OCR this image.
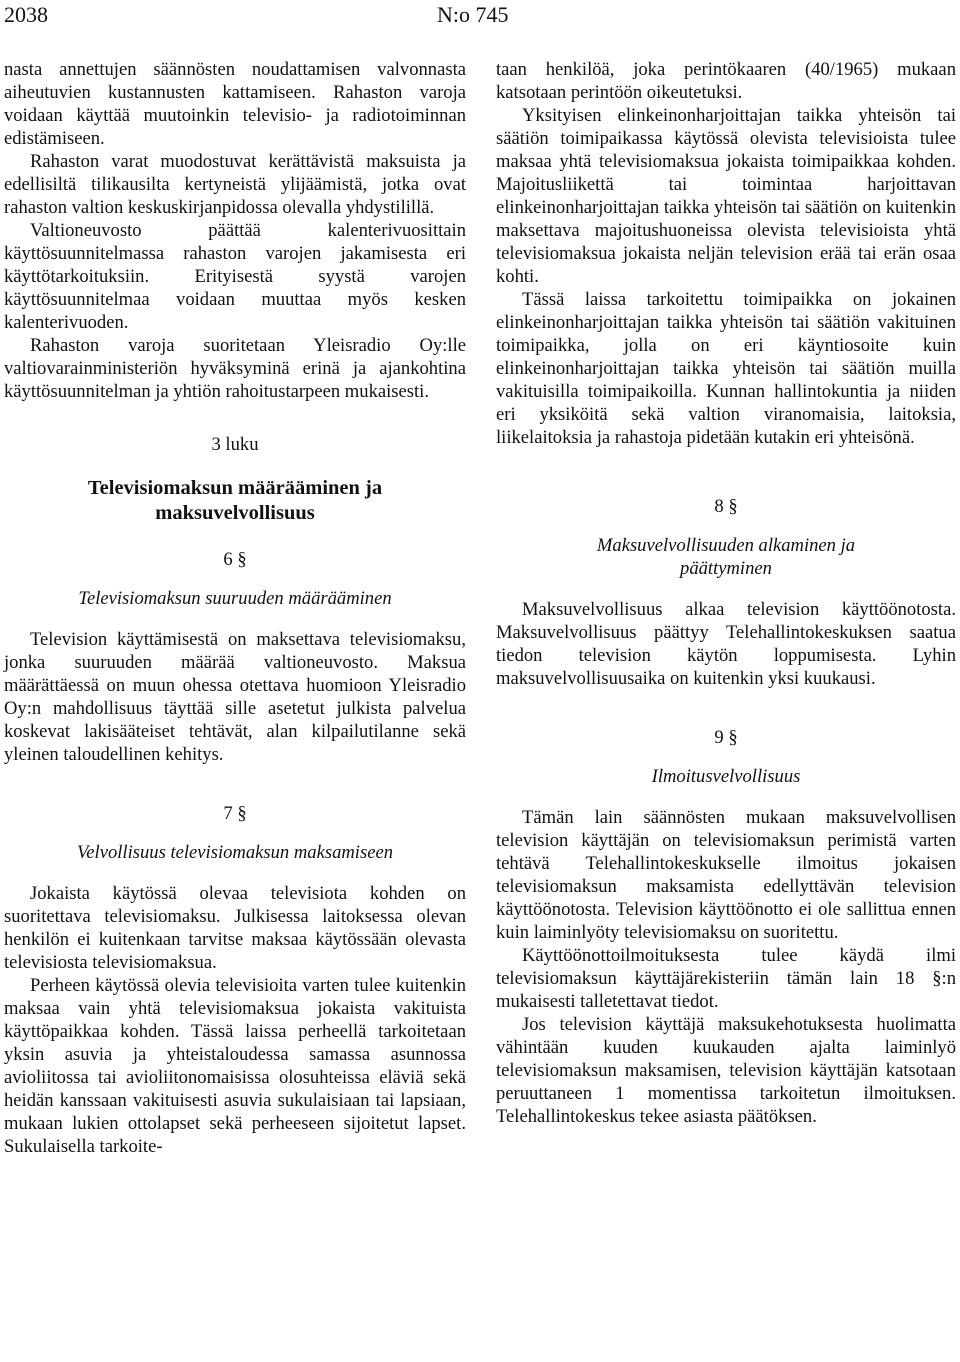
2038	N:o 745

nasta annettujen säännösten noudattamisen valvonnasta aiheutuvien kustannusten kattamiseen. Rahaston varoja voidaan käyttää muutoinkin televisio- ja radiotoiminnan edistämiseen.

Rahaston varat muodostuvat kerättävistä maksuista ja edellisiltä tilikausilta kertyneistä ylijäämistä, jotka ovat rahaston valtion keskuskirjanpidossa olevalla yhdystilillä.

Valtioneuvosto päättää kalenterivuosittain käyttösuunnitelmassa rahaston varojen jakamisesta eri käyttötarkoituksiin. Erityisestä syystä varojen käyttösuunnitelmaa voidaan muuttaa myös kesken kalenterivuoden.

Rahaston varoja suoritetaan Yleisradio Oy:lle valtiovarainministeriön hyväksyminä erinä ja ajankohtina käyttösuunnitelman ja yhtiön rahoitustarpeen mukaisesti.

3 luku

Televisiomaksun määrääminen ja
maksuvelvollisuus

6 §

Televisiomaksun suuruuden määrääminen

Television käyttämisestä on maksettava televisiomaksu, jonka suuruuden määrää valtioneuvosto. Maksua määrättäessä on muun ohessa otettava huomioon Yleisradio Oy:n mahdollisuus täyttää sille asetetut julkista palvelua koskevat lakisääteiset tehtävät, alan kilpailutilanne sekä yleinen taloudellinen kehitys.

7 §

Velvollisuus televisiomaksun maksamiseen

Jokaista käytössä olevaa televisiota kohden on suoritettava televisiomaksu. Julkisessa laitoksessa olevan henkilön ei kuitenkaan tarvitse maksaa käytössään olevasta televisiosta televisiomaksua.

Perheen käytössä olevia televisioita varten tulee kuitenkin maksaa vain yhtä televisiomaksua jokaista vakituista käyttöpaikkaa kohden. Tässä laissa perheellä tarkoitetaan yksin asuvia ja yhteistaloudessa samassa asunnossa avioliitossa tai avioliitonomaisissa olosuhteissa eläviä sekä heidän kanssaan vakituisesti asuvia sukulaisiaan tai lapsiaan, mukaan lukien ottolapset sekä perheeseen sijoitetut lapset. Sukulaisella tarkoite-

taan henkilöä, joka perintökaaren (40/1965) mukaan katsotaan perintöön oikeutetuksi.

Yksityisen elinkeinonharjoittajan taikka yhteisön tai säätiön toimipaikassa käytössä olevista televisioista tulee maksaa yhtä televisiomaksua jokaista toimipaikkaa kohden. Majoitusliikettä tai toimintaa harjoittavan elinkeinonharjoittajan taikka yhteisön tai säätiön on kuitenkin maksettava majoitushuoneissa olevista televisioista yhtä televisiomaksua jokaista neljän television erää tai erän osaa kohti.

Tässä laissa tarkoitettu toimipaikka on jokainen elinkeinonharjoittajan taikka yhteisön tai säätiön vakituinen toimipaikka, jolla on eri käyntiosoite kuin elinkeinonharjoittajan taikka yhteisön tai säätiön muilla vakituisilla toimipaikoilla. Kunnan hallintokuntia ja niiden eri yksiköitä sekä valtion viranomaisia, laitoksia, liikelaitoksia ja rahastoja pidetään kutakin eri yhteisönä.

8 §

Maksuvelvollisuuden alkaminen ja
päättyminen

Maksuvelvollisuus alkaa television käyttöönotosta. Maksuvelvollisuus päättyy Telehallintokeskuksen saatua tiedon television käytön loppumisesta. Lyhin maksuvelvollisuusaika on kuitenkin yksi kuukausi.

9 §

Ilmoitusvelvollisuus

Tämän lain säännösten mukaan maksuvelvollisen television käyttäjän on televisiomaksun perimistä varten tehtävä Telehallintokeskukselle ilmoitus jokaisen televisiomaksun maksamista edellyttävän television käyttöönotosta. Television käyttöönotto ei ole sallittua ennen kuin laiminlyöty televisiomaksu on suoritettu.

Käyttöönottoilmoituksesta tulee käydä ilmi televisiomaksun käyttäjärekisteriin tämän lain 18 §:n mukaisesti talletettavat tiedot.

Jos television käyttäjä maksukehotuksesta huolimatta vähintään kuuden kuukauden ajalta laiminlyö televisiomaksun maksamisen, television käyttäjän katsotaan peruuttaneen 1 momentissa tarkoitetun ilmoituksen. Telehallintokeskus tekee asiasta päätöksen.
